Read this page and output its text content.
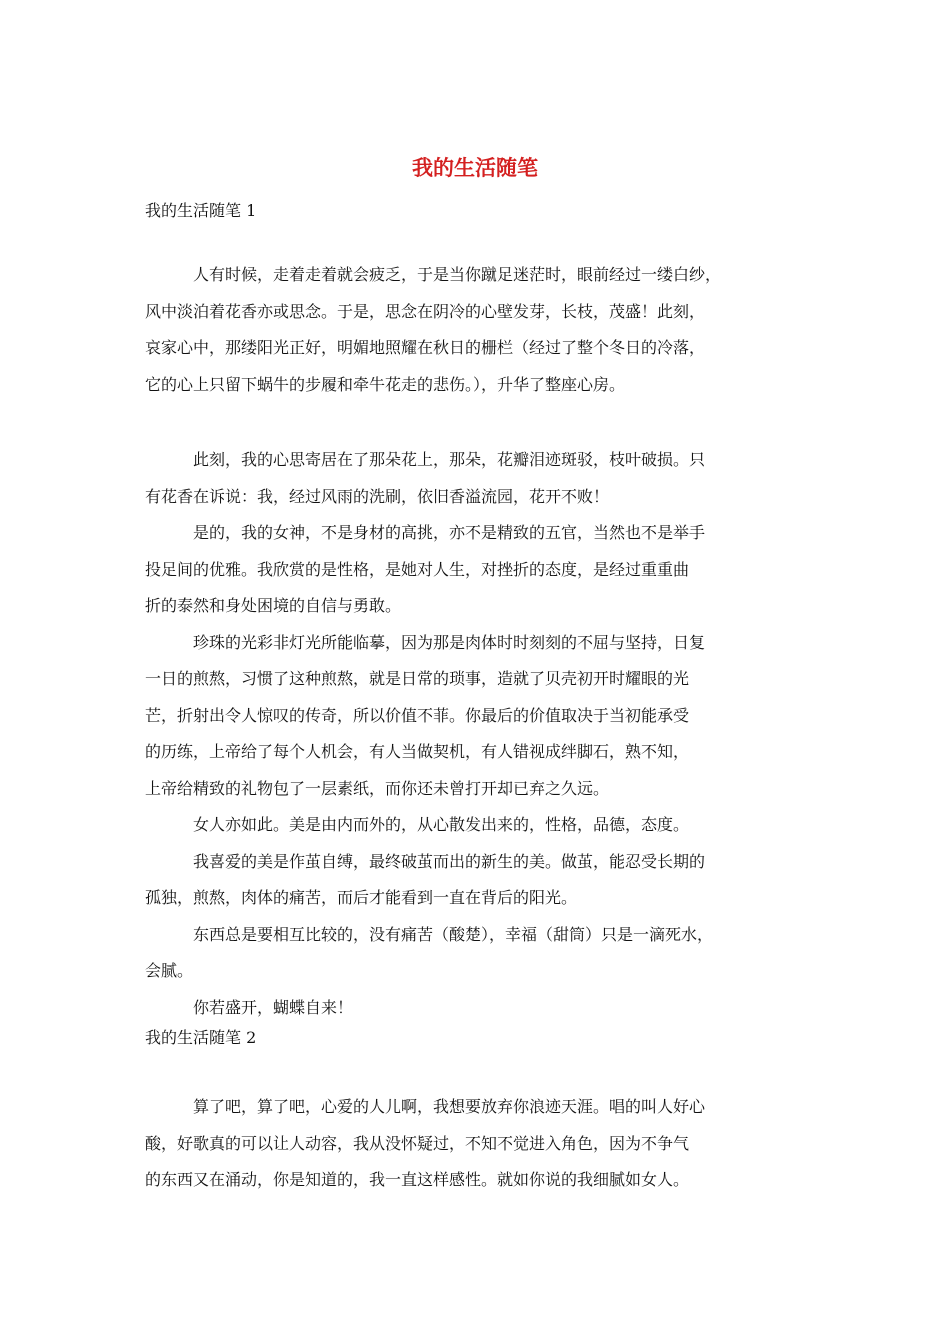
我的生活随笔
我的生活随笔 1
人有时候，走着走着就会疲乏，于是当你蹴足迷茫时，眼前经过一缕白纱，
风中淡泊着花香亦或思念。于是，思念在阴冷的心壁发芽，长枝，茂盛！此刻，
哀家心中，那缕阳光正好，明媚地照耀在秋日的栅栏（经过了整个冬日的冷落，
它的心上只留下蜗牛的步履和牵牛花走的悲伤。），升华了整座心房。
此刻，我的心思寄居在了那朵花上，那朵，花瓣泪迹斑驳，枝叶破损。只
有花香在诉说：我，经过风雨的洗刷，依旧香溢流园，花开不败！
是的，我的女神，不是身材的高挑，亦不是精致的五官，当然也不是举手
投足间的优雅。我欣赏的是性格，是她对人生，对挫折的态度，是经过重重曲
折的泰然和身处困境的自信与勇敢。
珍珠的光彩非灯光所能临摹，因为那是肉体时时刻刻的不屈与坚持，日复
一日的煎熬，习惯了这种煎熬，就是日常的琐事，造就了贝壳初开时耀眼的光
芒，折射出令人惊叹的传奇，所以价值不菲。你最后的价值取决于当初能承受
的历练，上帝给了每个人机会，有人当做契机，有人错视成绊脚石，熟不知，
上帝给精致的礼物包了一层素纸，而你还未曾打开却已弃之久远。
女人亦如此。美是由内而外的，从心散发出来的，性格，品德，态度。
我喜爱的美是作茧自缚，最终破茧而出的新生的美。做茧，能忍受长期的
孤独，煎熬，肉体的痛苦，而后才能看到一直在背后的阳光。
东西总是要相互比较的，没有痛苦（酸楚），幸福（甜筒）只是一滴死水，
会腻。
你若盛开，蝴蝶自来！
我的生活随笔 2
算了吧，算了吧，心爱的人儿啊，我想要放弃你浪迹天涯。唱的叫人好心
酸，好歌真的可以让人动容，我从没怀疑过，不知不觉进入角色，因为不争气
的东西又在涌动，你是知道的，我一直这样感性。就如你说的我细腻如女人。
